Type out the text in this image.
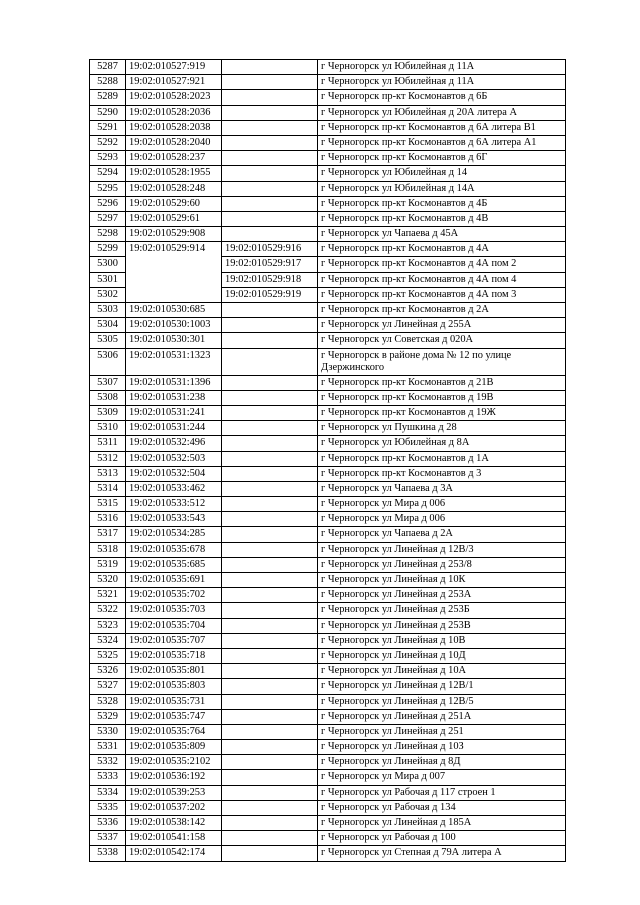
5287	19:02:010527:919		г Черногорск ул Юбилейная д 11А
5288	19:02:010527:921		г Черногорск ул Юбилейная д 11А
5289	19:02:010528:2023		г Черногорск пр-кт Космонавтов д 6Б
5290	19:02:010528:2036		г Черногорск ул Юбилейная д 20А литера А
5291	19:02:010528:2038		г Черногорск пр-кт Космонавтов д 6А литера В1
5292	19:02:010528:2040		г Черногорск пр-кт Космонавтов д 6А литера А1
5293	19:02:010528:237		г Черногорск пр-кт Космонавтов д 6Г
5294	19:02:010528:1955		г Черногорск ул Юбилейная д 14
5295	19:02:010528:248		г Черногорск ул Юбилейная д 14А
5296	19:02:010529:60		г Черногорск пр-кт Космонавтов д 4Б
5297	19:02:010529:61		г Черногорск пр-кт Космонавтов д 4В
5298	19:02:010529:908		г Черногорск ул Чапаева д 45А
5299	19:02:010529:914	19:02:010529:916	г Черногорск пр-кт Космонавтов д 4А
5300		19:02:010529:917	г Черногорск пр-кт Космонавтов д 4А пом 2
5301		19:02:010529:918	г Черногорск пр-кт Космонавтов д 4А пом 4
5302		19:02:010529:919	г Черногорск пр-кт Космонавтов д 4А пом 3
5303	19:02:010530:685		г Черногорск пр-кт Космонавтов д 2А
5304	19:02:010530:1003		г Черногорск ул Линейная д 255А
5305	19:02:010530:301		г Черногорск ул Советская д 020А
5306	19:02:010531:1323		г Черногорск в районе дома № 12 по улице Дзержинского
5307	19:02:010531:1396		г Черногорск пр-кт Космонавтов д 21В
5308	19:02:010531:238		г Черногорск пр-кт Космонавтов д 19В
5309	19:02:010531:241		г Черногорск пр-кт Космонавтов д 19Ж
5310	19:02:010531:244		г Черногорск ул Пушкина д 28
5311	19:02:010532:496		г Черногорск ул Юбилейная д 8А
5312	19:02:010532:503		г Черногорск пр-кт Космонавтов д 1А
5313	19:02:010532:504		г Черногорск пр-кт Космонавтов д 3
5314	19:02:010533:462		г Черногорск ул Чапаева д 3А
5315	19:02:010533:512		г Черногорск ул Мира д 006
5316	19:02:010533:543		г Черногорск ул Мира д 006
5317	19:02:010534:285		г Черногорск ул Чапаева д 2А
5318	19:02:010535:678		г Черногорск ул Линейная д 12В/3
5319	19:02:010535:685		г Черногорск ул Линейная д 253/8
5320	19:02:010535:691		г Черногорск ул Линейная д 10К
5321	19:02:010535:702		г Черногорск ул Линейная д 253А
5322	19:02:010535:703		г Черногорск ул Линейная д 253Б
5323	19:02:010535:704		г Черногорск ул Линейная д 253В
5324	19:02:010535:707		г Черногорск ул Линейная д 10В
5325	19:02:010535:718		г Черногорск ул Линейная д 10Д
5326	19:02:010535:801		г Черногорск ул Линейная д 10А
5327	19:02:010535:803		г Черногорск ул Линейная д 12В/1
5328	19:02:010535:731		г Черногорск ул Линейная д 12В/5
5329	19:02:010535:747		г Черногорск ул Линейная д 251А
5330	19:02:010535:764		г Черногорск ул Линейная д 251
5331	19:02:010535:809		г Черногорск ул Линейная д 10З
5332	19:02:010535:2102		г Черногорск ул Линейная д 8Д
5333	19:02:010536:192		г Черногорск ул Мира д 007
5334	19:02:010539:253		г Черногорск ул Рабочая д 117 строен 1
5335	19:02:010537:202		г Черногорск ул Рабочая д 134
5336	19:02:010538:142		г Черногорск ул Линейная д 185А
5337	19:02:010541:158		г Черногорск ул Рабочая д 100
5338	19:02:010542:174		г Черногорск ул Степная д 79А литера А
